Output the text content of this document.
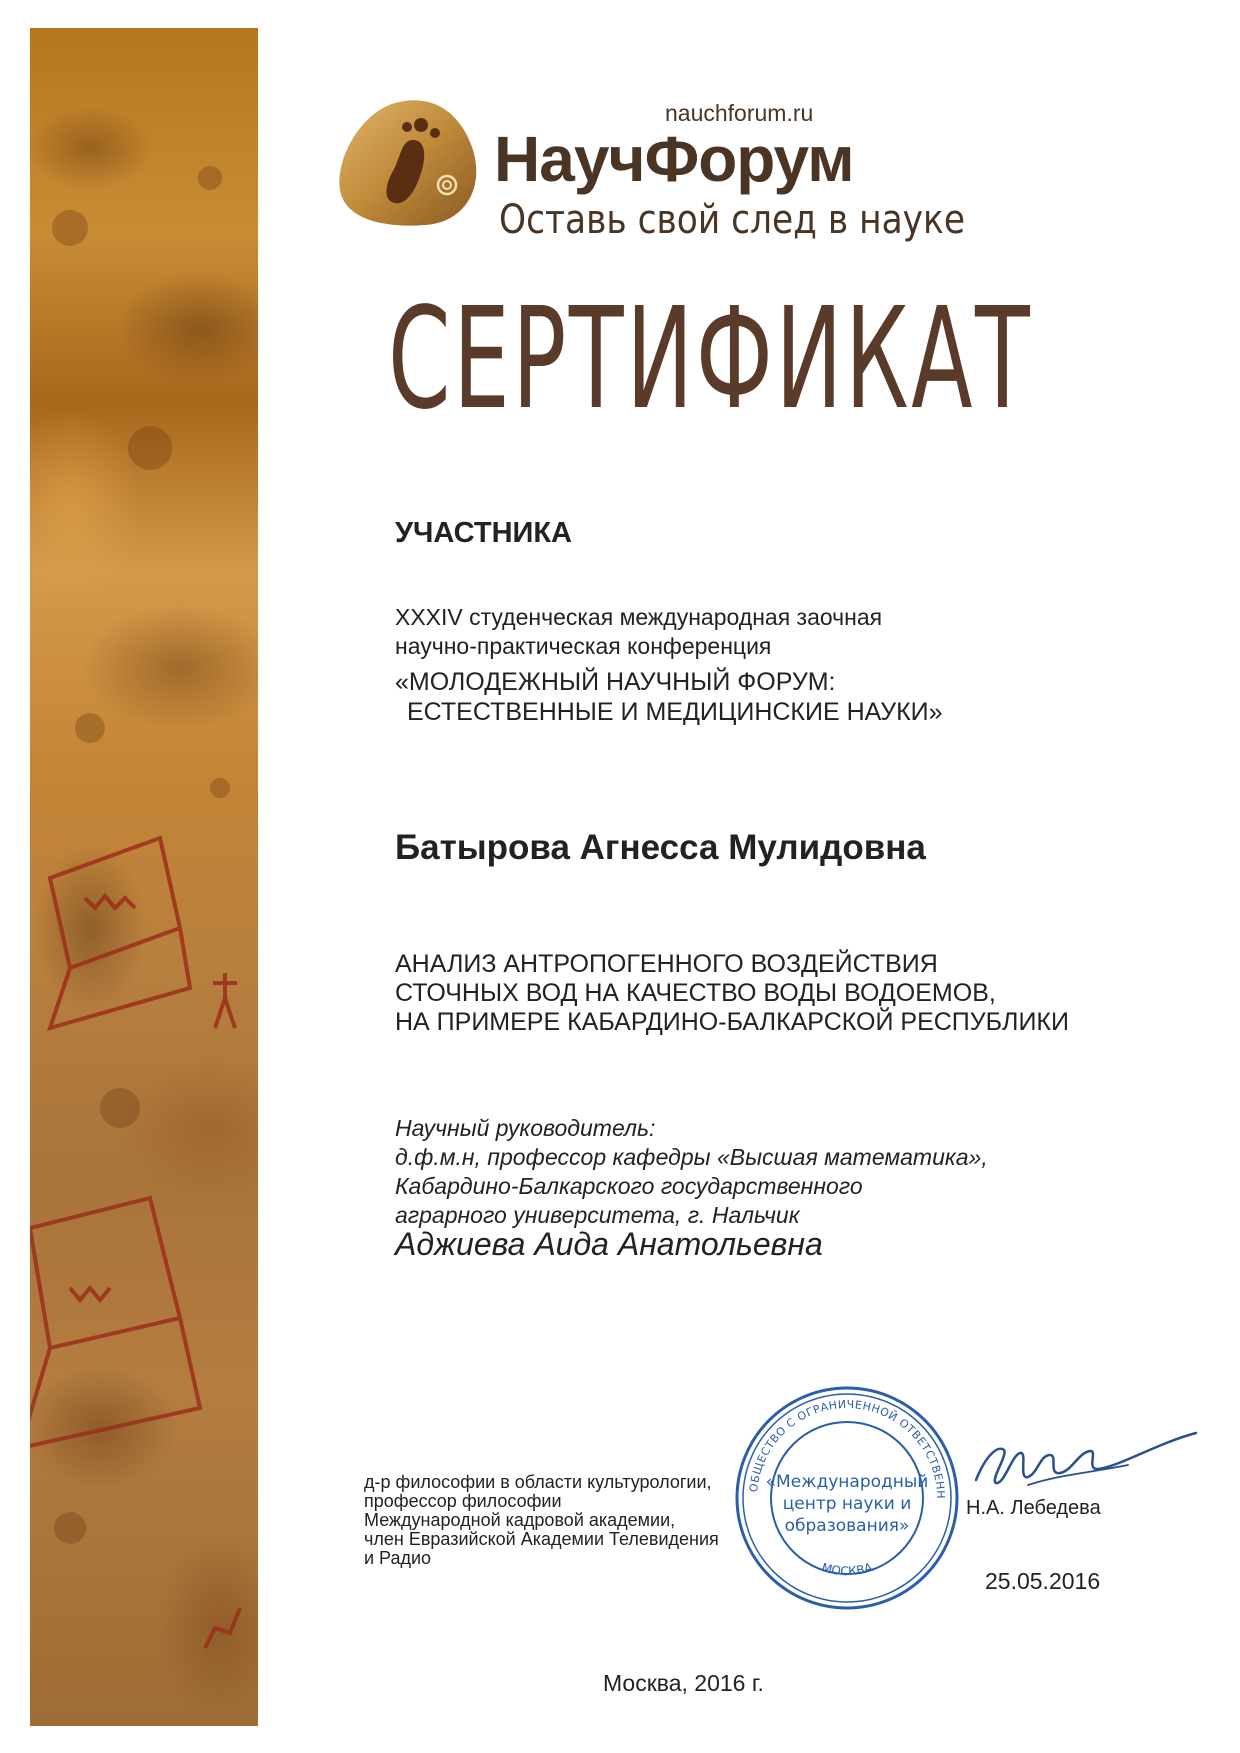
nauchforum.ru
НаучФорум
Оставь свой след в науке
СЕРТИФИКАТ
УЧАСТНИКА
XXXIV студенческая международная заочная
научно-практическая конференция
«МОЛОДЕЖНЫЙ НАУЧНЫЙ ФОРУМ:
ЕСТЕСТВЕННЫЕ И МЕДИЦИНСКИЕ НАУКИ»
Батырова Агнесса Мулидовна
АНАЛИЗ АНТРОПОГЕННОГО ВОЗДЕЙСТВИЯ
СТОЧНЫХ ВОД НА КАЧЕСТВО ВОДЫ ВОДОЕМОВ,
НА ПРИМЕРЕ КАБАРДИНО-БАЛКАРСКОЙ РЕСПУБЛИКИ
Научный руководитель:
д.ф.м.н, профессор кафедры «Высшая математика»,
Кабардино-Балкарского государственного
аграрного университета, г. Нальчик
Аджиева Аида Анатольевна
д-р философии в области культурологии,
профессор философии
Международной кадровой академии,
член Евразийской Академии Телевидения
и Радио
ОБЩЕСТВО С ОГРАНИЧЕННОЙ ОТВЕТСТВЕНН
МОСКВА
«Международный
центр науки и
образования»
Н.А. Лебедева
25.05.2016
Москва, 2016 г.
